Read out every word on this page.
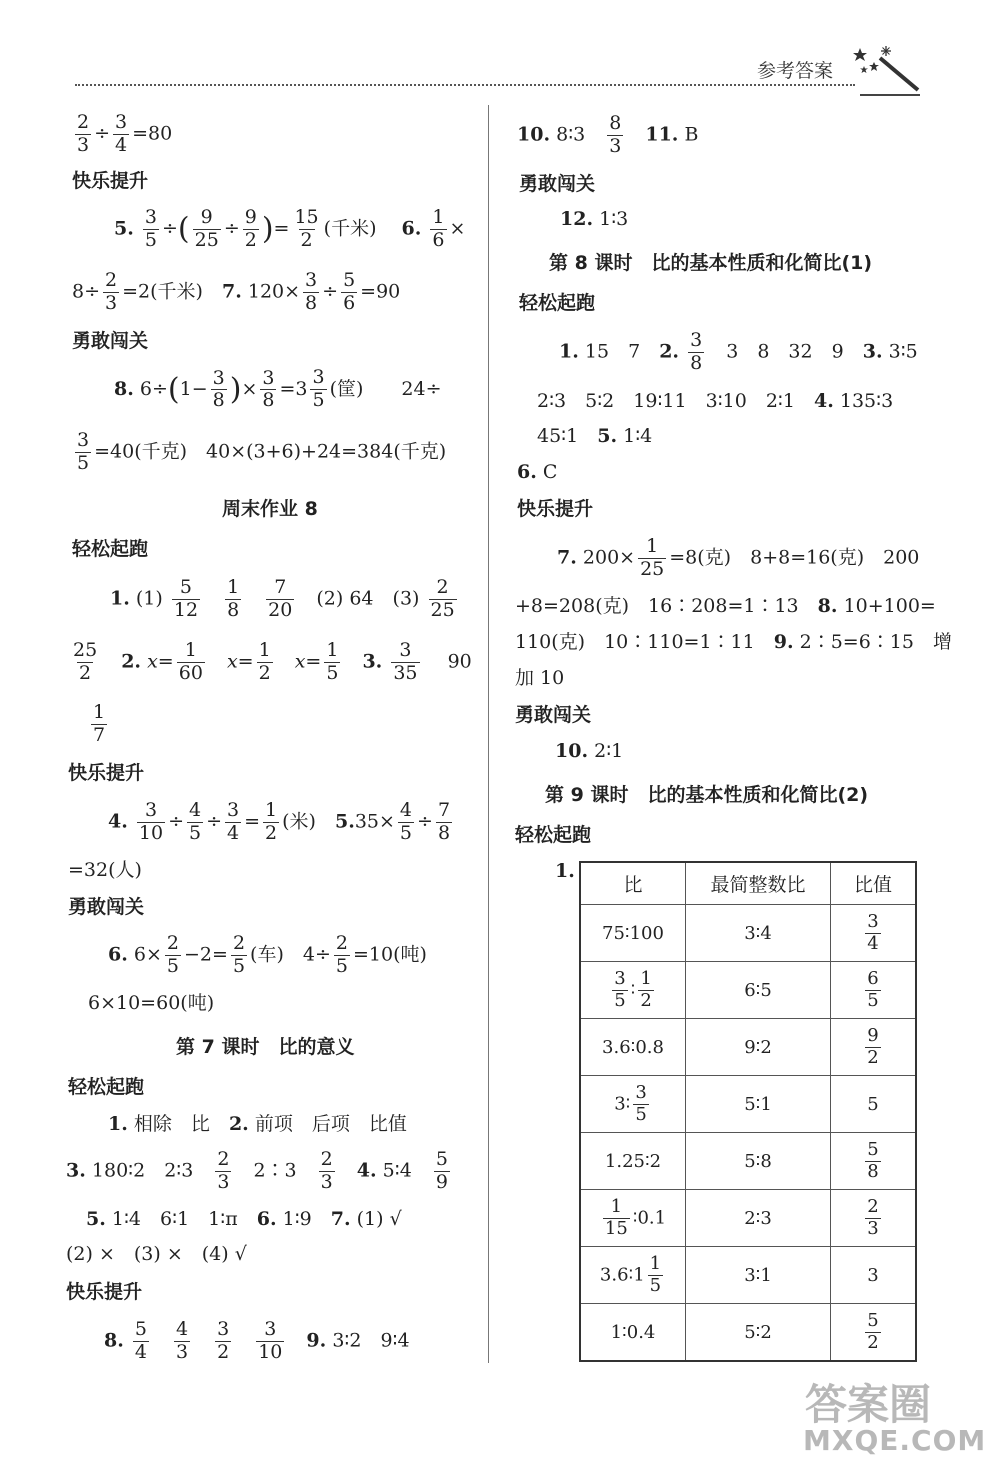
参考答案
$\frac{2}{3} \div \frac{3}{4} =80$
快乐提升
5. $\frac{3}{5}$ ÷( $\frac{9}{25} \div \frac{9}{2}$ )= $\frac{15}{2}$ (千米)　 6. $\frac{1}{6}$ ×
$8\div \frac{2}{3} =2$(千米)　 7. $120\times \frac{3}{8} \div \frac{5}{6} =90$
勇敢闯关
8. $6\div(1- \frac{3}{8}$ )× $\frac{3}{8} = 3 \frac{3}{5}$ (筐)　　 24÷
$\frac{3}{5} =40$(千克)　40×(3+6)+24=384(千克)
周末作业 8
轻松起跑
1. $(1) \frac{5}{12}$
　 $\frac{1}{8}$
　 $\frac{7}{20}$
　 (2) 64　 $(3) \frac{2}{25}$
$\frac{25}{2}$
　 2. $x= \frac{1}{60}$
　 $x= \frac{1}{2}$
　 $x= \frac{1}{5}$
　 3. $\frac{3}{35}$
　 90
$\frac{1}{7}$
快乐提升
4. $\frac{3}{10} \div \frac{4}{5} \div \frac{3}{4} = \frac{1}{2}$ (米)　 $5.35\times \frac{4}{5} \div \frac{7}{8}$
=32(人)
勇敢闯关
6. $6\times \frac{2}{5} -2= \frac{2}{5}$ (车)　 $4\div \frac{2}{5} =10$(吨)
6×10=60(吨)
第 7 课时　比的意义
轻松起跑
1. 相除　 比　 2. 前项　 后项　 比值
3. 180∶2　 2∶3　 $\frac{2}{3}$
　 2∶3　 $\frac{2}{3}$
　 4. 5∶4　 $\frac{5}{9}$
5. 1∶4　 6∶1　 1∶π　 6. 1∶9　 7. (1) √
(2) ×　(3) ×　(4) √
快乐提升
8. $\frac{5}{4}$
　 $\frac{4}{3}$
　 $\frac{3}{2}$
　 $\frac{3}{10}$
　 9. 3∶2　 9∶4
10. 8∶3　 $\frac{8}{3}$
　 11. B
勇敢闯关
12. 1∶3
第 8 课时　比的基本性质和化简比(1)
轻松起跑
1. 15　 7　 2. $\frac{3}{8}$
　 3　 8　 32　 9　 3. 3∶5
2∶3　 5∶2　 19∶11　 3∶10　 2∶1　 4. 135∶3
45∶1　 5. 1∶4
6. C
快乐提升
7. $200\times \frac{1}{25} =8$(克)　8+8=16(克)　200
+8=208(克)　16∶208=1∶13　 8. 10+100=
110(克)　10∶110=1∶11　 9. 2∶5=6∶15　增
加 10
勇敢闯关
10. 2∶1
第 9 课时　比的基本性质和化简比(2)
轻松起跑
1.
比	最简整数比	比值
75∶100	3∶4	$\frac{3}{4}$

$\frac{3}{5}$ ∶ $\frac{1}{2}$	6∶5	$\frac{6}{5}$

3.6∶0.8	9∶2	$\frac{9}{2}$

3∶ $\frac{3}{5}$	5∶1	5
1.25∶2	5∶8	$\frac{5}{8}$

$\frac{1}{15}$ ∶0.1	2∶3	$\frac{2}{3}$

3.6∶1 $\frac{1}{5}$	3∶1	3
1∶0.4	5∶2	$\frac{5}{2}$
答案圈
MXQE.COM
